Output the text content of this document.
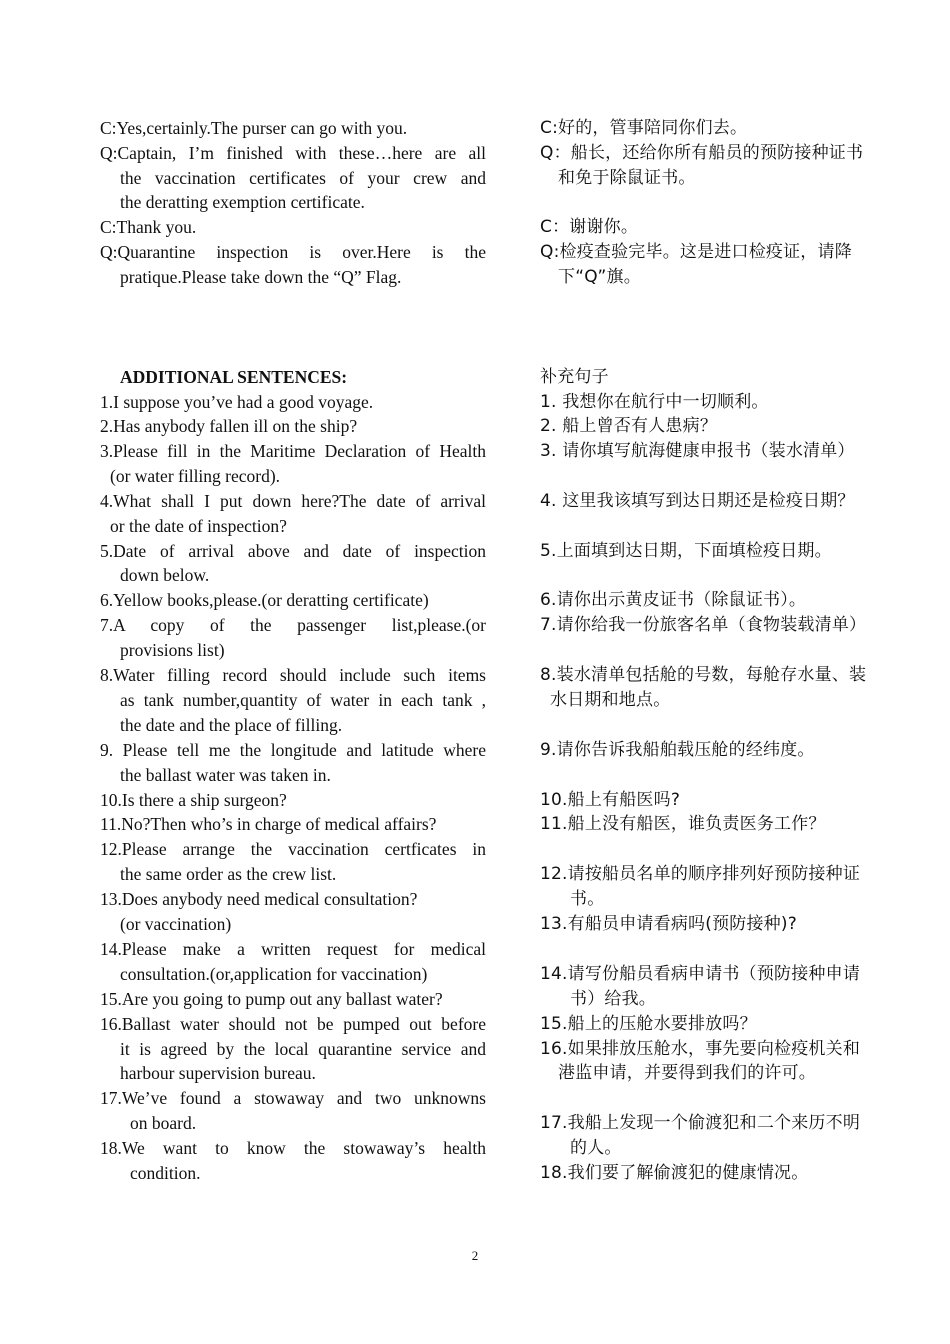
C:Yes,certainly.The purser can go with you.
Q:Captain, I’m finished with these…here are all
the vaccination certificates of your crew and
the deratting exemption certificate.
C:Thank you.
Q:Quarantine inspection is over.Here is the
pratique.Please take down the “Q” Flag.
C:好的，管事陪同你们去。
Q：船长，还给你所有船员的预防接种证书
和免于除鼠证书。
C：谢谢你。
Q:检疫查验完毕。这是进口检疫证，请降
下“Q”旗。
ADDITIONAL SENTENCES:	补充句子
1.I suppose you’ve had a good voyage.
2.Has anybody fallen ill on the ship?
3.Please fill in the Maritime Declaration of Health
(or water filling record).
4.What shall I put down here?The date of arrival
or the date of inspection?
5.Date of arrival above and date of inspection
down below.
6.Yellow books,please.(or deratting certificate)
7.A copy of the passenger list,please.(or
provisions list)
8.Water filling record should include such items
as tank number,quantity of water in each tank ,
the date and the place of filling.
9. Please tell me the longitude and latitude where
the ballast water was taken in.
10.Is there a ship surgeon?
11.No?Then who’s in charge of medical affairs?
12.Please arrange the vaccination certficates in
the same order as the crew list.
13.Does anybody need medical consultation?
(or vaccination)
14.Please make a written request for medical
consultation.(or,application for vaccination)
15.Are you going to pump out any ballast water?
16.Ballast water should not be pumped out before
it is agreed by the local quarantine service and
harbour supervision bureau.
17.We’ve found a stowaway and two unknowns
on board.
18.We want to know the stowaway’s health
condition.
1. 我想你在航行中一切顺利。
2. 船上曾否有人患病？
3. 请你填写航海健康申报书（装水清单）
4. 这里我该填写到达日期还是检疫日期？
5.上面填到达日期，下面填检疫日期。
6.请你出示黄皮证书（除鼠证书）。
7.请你给我一份旅客名单（食物装载清单）
8.装水清单包括舱的号数，每舱存水量、装
水日期和地点。
9.请你告诉我船舶载压舱的经纬度。
10.船上有船医吗?
11.船上没有船医，谁负责医务工作？
12.请按船员名单的顺序排列好预防接种证
书。
13.有船员申请看病吗(预防接种)?
14.请写份船员看病申请书（预防接种申请
书）给我。
15.船上的压舱水要排放吗？
16.如果排放压舱水，事先要向检疫机关和
港监申请，并要得到我们的许可。
17.我船上发现一个偷渡犯和二个来历不明
的人。
18.我们要了解偷渡犯的健康情况。
2
